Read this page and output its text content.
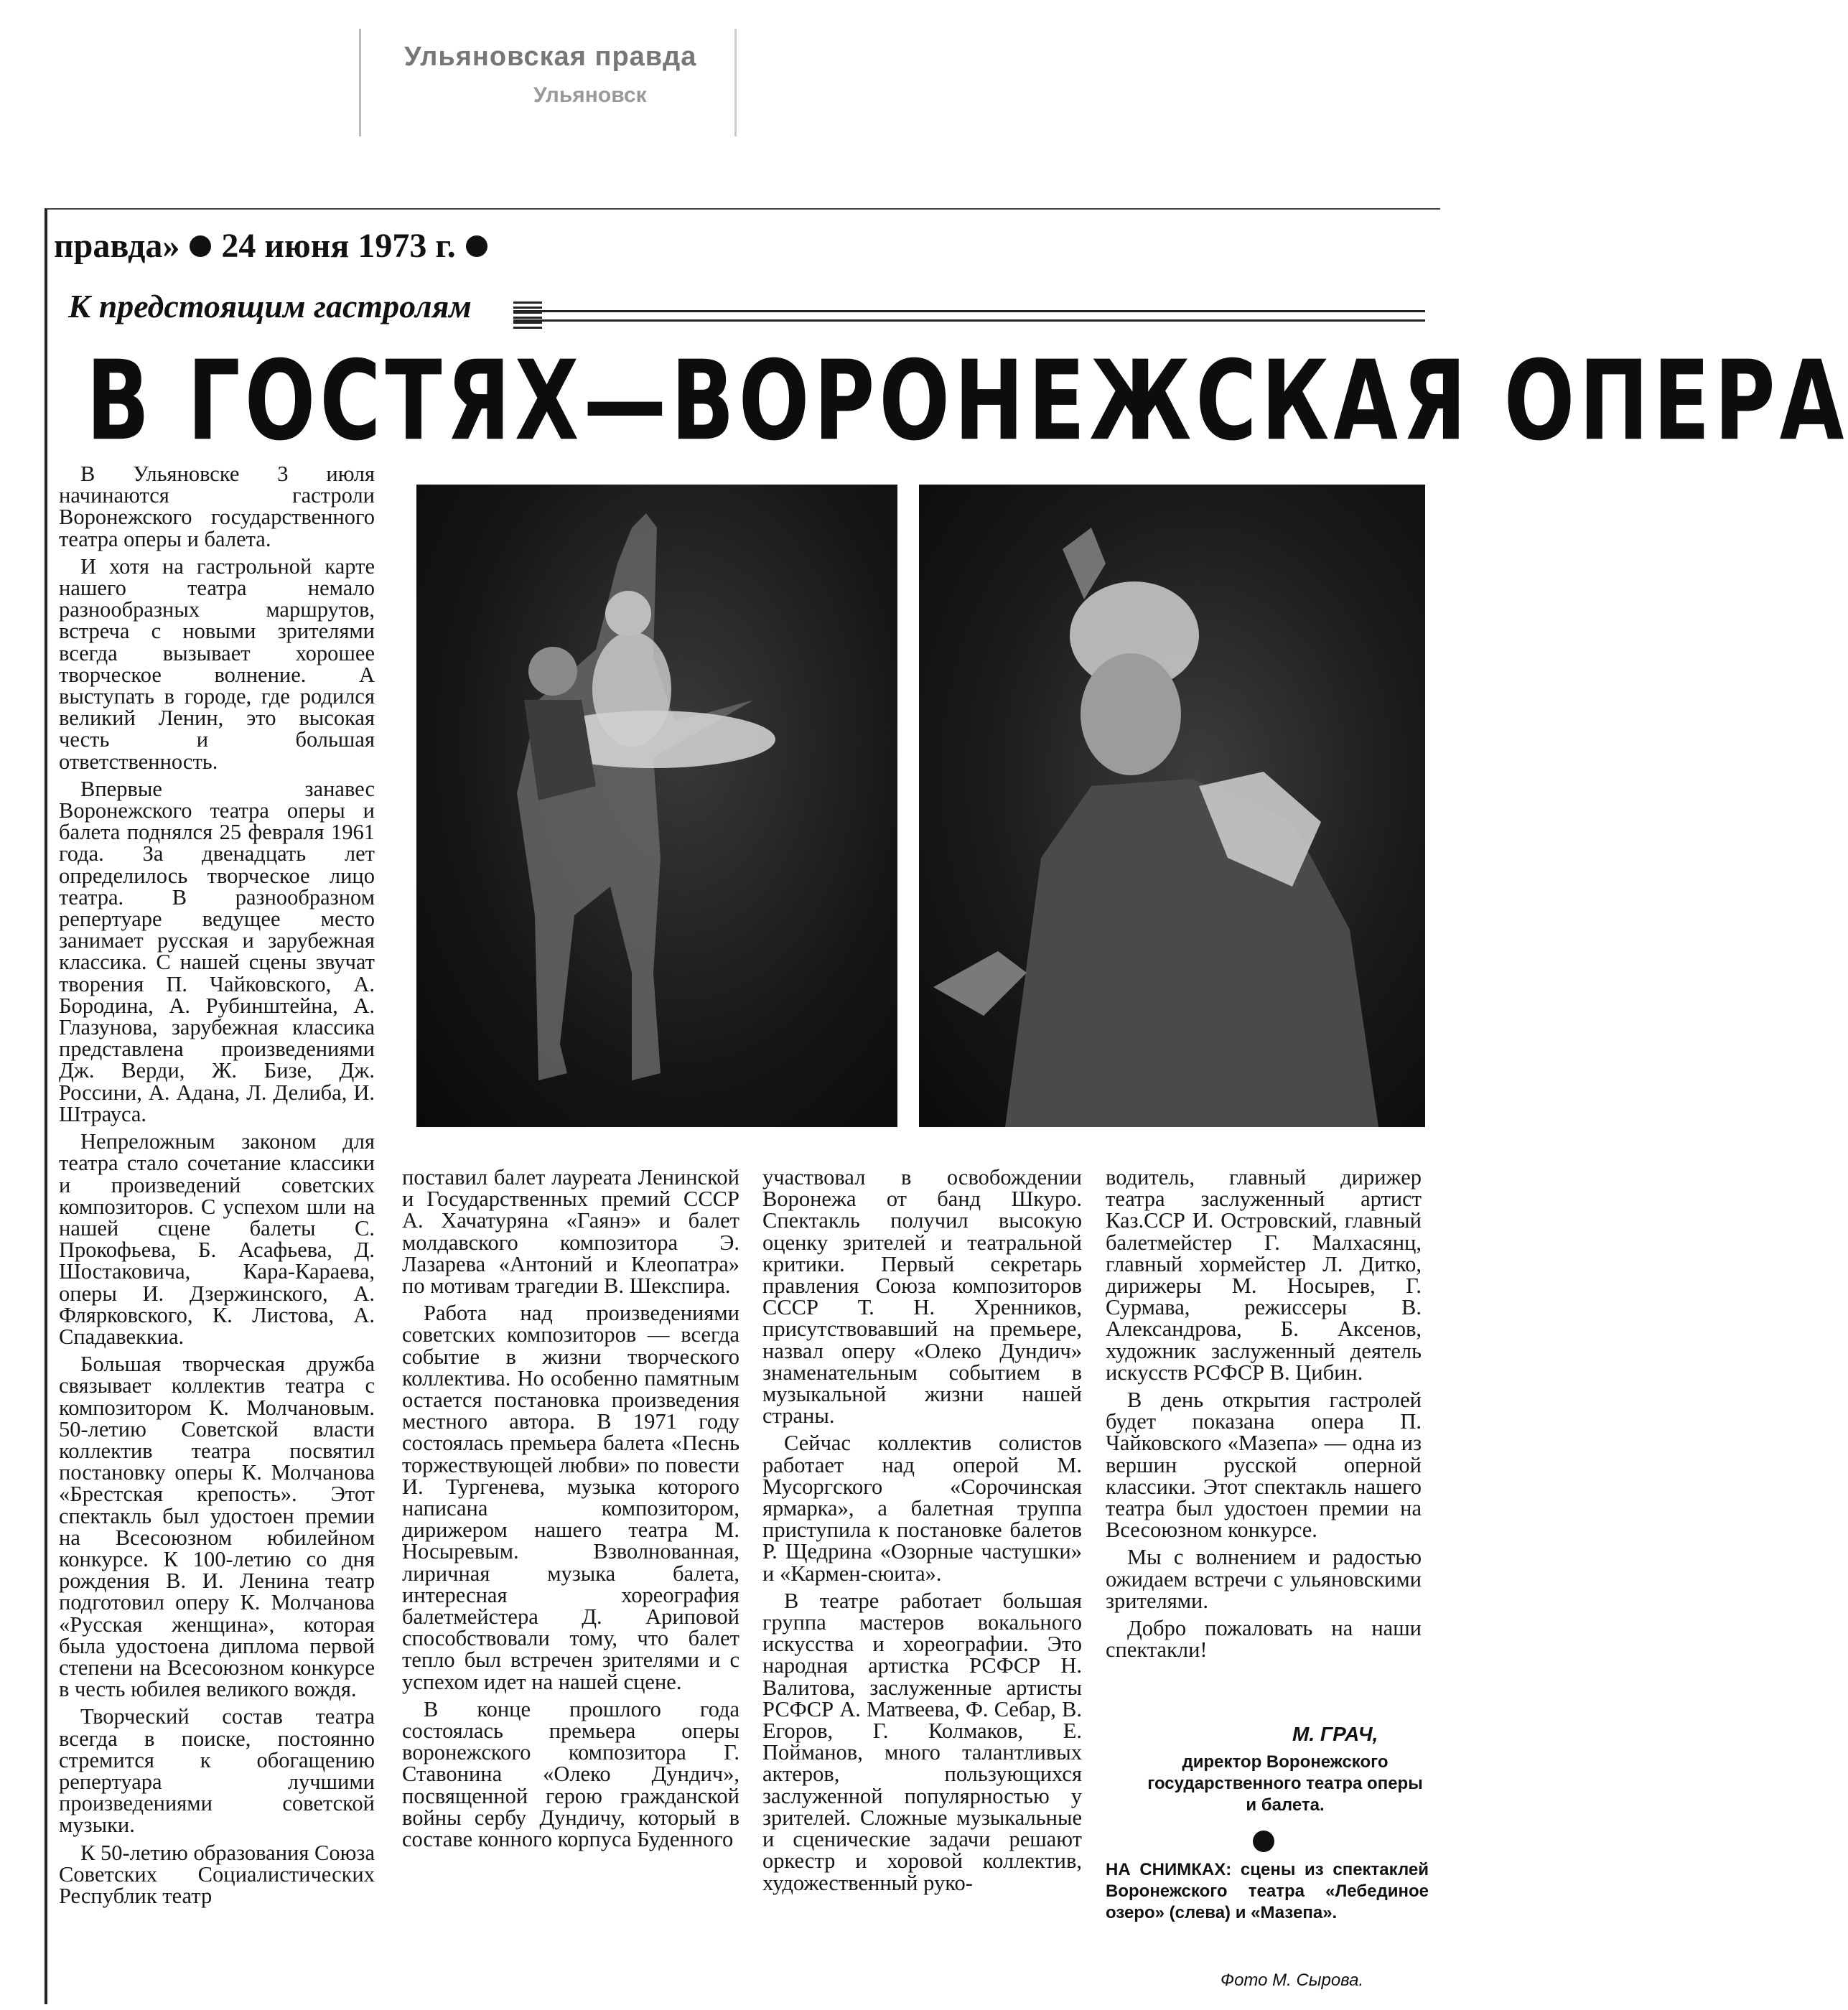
Ульяновская правда
Ульяновск
правда» 24 июня 1973 г.
К предстоящим гастролям
В ГОСТЯХ—ВОРОНЕЖСКАЯ ОПЕРА

В Ульяновске 3 июля начинаются гастроли Воронежского государственного театра оперы и балета.

И хотя на гастрольной карте нашего театра немало разнообразных маршрутов, встреча с новыми зрителями всегда вызывает хорошее творческое волнение. А выступать в городе, где родился великий Ленин, это высокая честь и большая ответственность.

Впервые занавес Воронежского театра оперы и балета поднялся 25 февраля 1961 года. За двенадцать лет определилось творческое лицо театра. В разнообразном репертуаре ведущее место занимает русская и зарубежная классика. С нашей сцены звучат творения П. Чайковского, А. Бородина, А. Рубинштейна, А. Глазунова, зарубежная классика представлена произведениями Дж. Верди, Ж. Бизе, Дж. Россини, А. Адана, Л. Делиба, И. Штрауса.

Непреложным законом для театра стало сочетание классики и произведений советских композиторов. С успехом шли на нашей сцене балеты С. Прокофьева, Б. Асафьева, Д. Шостаковича, Кара-Караева, оперы И. Дзержинского, А. Флярковского, К. Листова, А. Спадавеккиа.

Большая творческая дружба связывает коллектив театра с композитором К. Молчановым. 50-летию Советской власти коллектив театра посвятил постановку оперы К. Молчанова «Брестская крепость». Этот спектакль был удостоен премии на Всесоюзном юбилейном конкурсе. К 100-летию со дня рождения В. И. Ленина театр подготовил оперу К. Молчанова «Русская женщина», которая была удостоена диплома первой степени на Всесоюзном конкурсе в честь юбилея великого вождя.

Творческий состав театра всегда в поиске, постоянно стремится к обогащению репертуара лучшими произведениями советской музыки.

К 50-летию образования Союза Советских Социалистических Республик театр

поставил балет лауреата Ленинской и Государственных премий СССР А. Хачатуряна «Гаянэ» и балет молдавского композитора Э. Лазарева «Антоний и Клеопатра» по мотивам трагедии В. Шекспира.

Работа над произведениями советских композиторов — всегда событие в жизни творческого коллектива. Но особенно памятным остается постановка произведения местного автора. В 1971 году состоялась премьера балета «Песнь торжествующей любви» по повести И. Тургенева, музыка которого написана композитором, дирижером нашего театра М. Носыревым. Взволнованная, лиричная музыка балета, интересная хореография балетмейстера Д. Ариповой способствовали тому, что балет тепло был встречен зрителями и с успехом идет на нашей сцене.

В конце прошлого года состоялась премьера оперы воронежского композитора Г. Ставонина «Олеко Дундич», посвященной герою гражданской войны сербу Дундичу, который в составе конного корпуса Буденного

участвовал в освобождении Воронежа от банд Шкуро. Спектакль получил высокую оценку зрителей и театральной критики. Первый секретарь правления Союза композиторов СССР Т. Н. Хренников, присутствовавший на премьере, назвал оперу «Олеко Дундич» знаменательным событием в музыкальной жизни нашей страны.

Сейчас коллектив солистов работает над оперой М. Мусоргского «Сорочинская ярмарка», а балетная труппа приступила к постановке балетов Р. Щедрина «Озорные частушки» и «Кармен-сюита».

В театре работает большая группа мастеров вокального искусства и хореографии. Это народная артистка РСФСР Н. Валитова, заслуженные артисты РСФСР А. Матвеева, Ф. Себар, В. Егоров, Г. Колмаков, Е. Пойманов, много талантливых актеров, пользующихся заслуженной популярностью у зрителей. Сложные музыкальные и сценические задачи решают оркестр и хоровой коллектив, художественный руко-

водитель, главный дирижер театра заслуженный артист Каз.ССР И. Островский, главный балетмейстер Г. Малхасянц, главный хормейстер Л. Дитко, дирижеры М. Носырев, Г. Сурмава, режиссеры В. Александрова, Б. Аксенов, художник заслуженный деятель искусств РСФСР В. Цибин.

В день открытия гастролей будет показана опера П. Чайковского «Мазепа» — одна из вершин русской оперной классики. Этот спектакль нашего театра был удостоен премии на Всесоюзном конкурсе.

Мы с волнением и радостью ожидаем встречи с ульяновскими зрителями.

Добро пожаловать на наши спектакли!

М. ГРАЧ,
директор Воронежского государственного театра оперы и балета.
НА СНИМКАХ: сцены из спектаклей Воронежского театра «Лебединое озеро» (слева) и «Мазепа».
Фото М. Сырова.
